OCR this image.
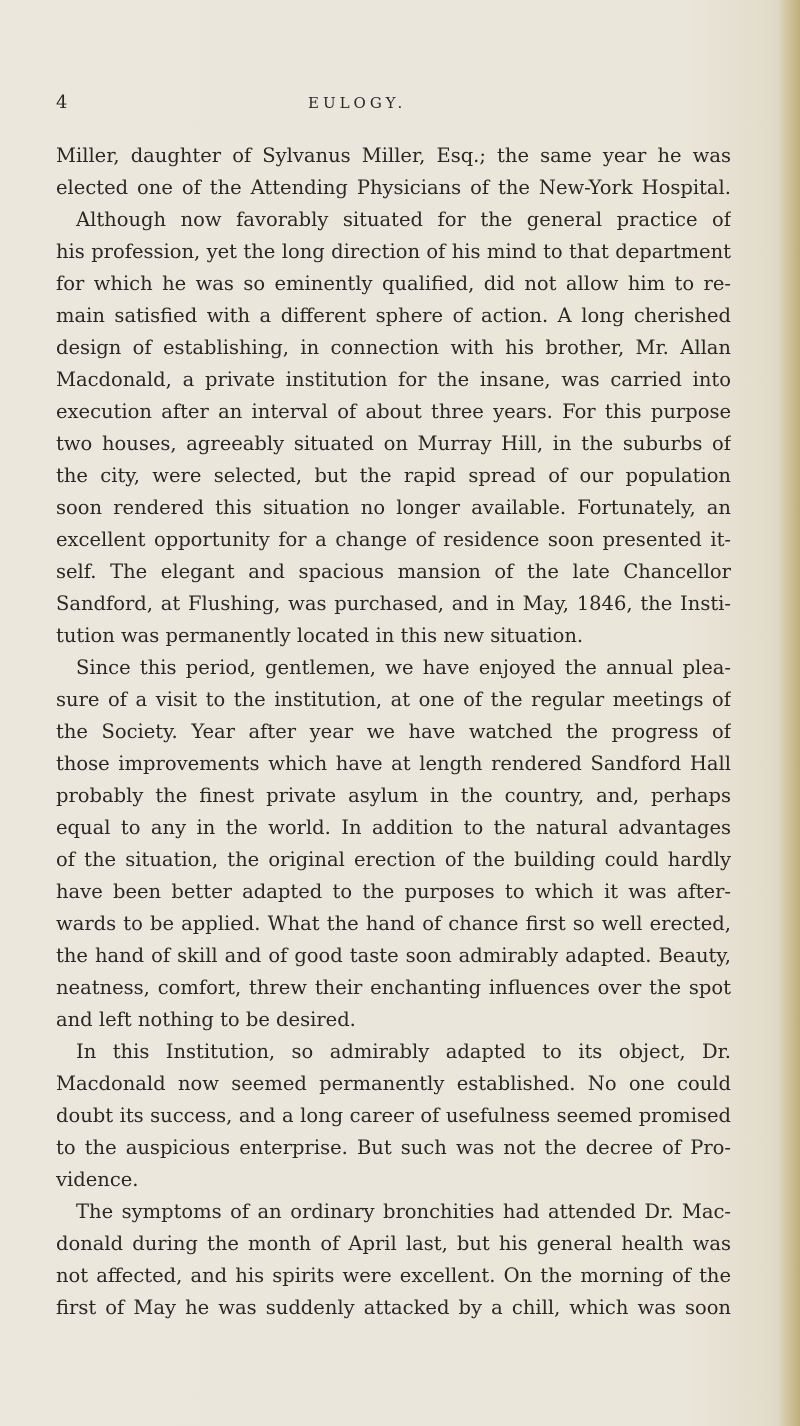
4	EULOGY.
Miller, daughter of Sylvanus Miller, Esq.; the same year he was
elected one of the Attending Physicians of the New-York Hospital.
Although now favorably situated for the general practice of
his profession, yet the long direction of his mind to that department
for which he was so eminently qualified, did not allow him to re-
main satisfied with a different sphere of action. A long cherished
design of establishing, in connection with his brother, Mr. Allan
Macdonald, a private institution for the insane, was carried into
execution after an interval of about three years. For this purpose
two houses, agreeably situated on Murray Hill, in the suburbs of
the city, were selected, but the rapid spread of our population
soon rendered this situation no longer available. Fortunately, an
excellent opportunity for a change of residence soon presented it-
self. The elegant and spacious mansion of the late Chancellor
Sandford, at Flushing, was purchased, and in May, 1846, the Insti-
tution was permanently located in this new situation.
Since this period, gentlemen, we have enjoyed the annual plea-
sure of a visit to the institution, at one of the regular meetings of
the Society. Year after year we have watched the progress of
those improvements which have at length rendered Sandford Hall
probably the finest private asylum in the country, and, perhaps
equal to any in the world. In addition to the natural advantages
of the situation, the original erection of the building could hardly
have been better adapted to the purposes to which it was after-
wards to be applied. What the hand of chance first so well erected,
the hand of skill and of good taste soon admirably adapted. Beauty,
neatness, comfort, threw their enchanting influences over the spot
and left nothing to be desired.
In this Institution, so admirably adapted to its object, Dr.
Macdonald now seemed permanently established. No one could
doubt its success, and a long career of usefulness seemed promised
to the auspicious enterprise. But such was not the decree of Pro-
vidence.
The symptoms of an ordinary bronchities had attended Dr. Mac-
donald during the month of April last, but his general health was
not affected, and his spirits were excellent. On the morning of the
first of May he was suddenly attacked by a chill, which was soon
